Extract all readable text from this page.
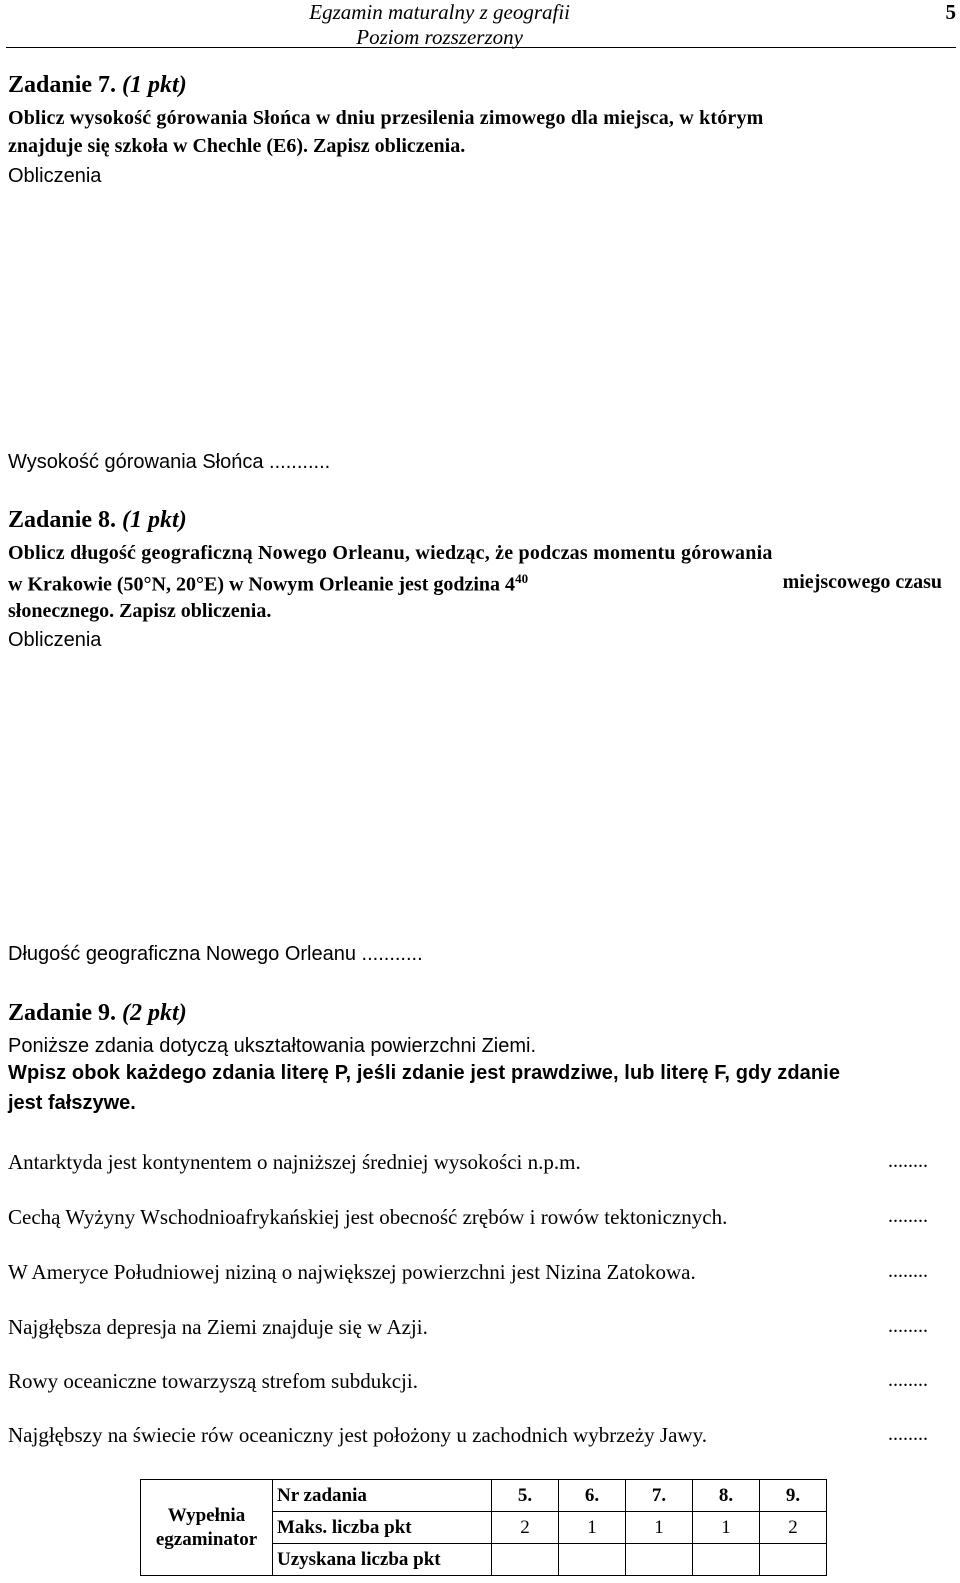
Egzamin maturalny z geografii
Poziom rozszerzony
5
Zadanie 7. (1 pkt)
Oblicz wysokość górowania Słońca w dniu przesilenia zimowego dla miejsca, w którym
znajduje się szkoła w Chechle (E6). Zapisz obliczenia.
Obliczenia
Wysokość górowania Słońca ...........
Zadanie 8. (1 pkt)
Oblicz długość geograficzną Nowego Orleanu, wiedząc, że podczas momentu górowania
w Krakowie (50°N, 20°E) w Nowym Orleanie jest godzina $4^{40}$	miejscowego czasu
słonecznego. Zapisz obliczenia.
Obliczenia
Długość geograficzna Nowego Orleanu ...........
Zadanie 9. (2 pkt)
Poniższe zdania dotyczą ukształtowania powierzchni Ziemi.
Wpisz obok każdego zdania literę P, jeśli zdanie jest prawdziwe, lub literę F, gdy zdanie
jest fałszywe.
Antarktyda jest kontynentem o najniższej średniej wysokości n.p.m.	........
Cechą Wyżyny Wschodnioafrykańskiej jest obecność zrębów i rowów tektonicznych.	........
W Ameryce Południowej niziną o największej powierzchni jest Nizina Zatokowa.	........
Najgłębsza depresja na Ziemi znajduje się w Azji.	........
Rowy oceaniczne towarzyszą strefom subdukcji.	........
Najgłębszy na świecie rów oceaniczny jest położony u zachodnich wybrzeży Jawy.	........
Wypełnia
egzaminator	Nr zadania	5.	6.	7.	8.	9.
	Maks. liczba pkt	2	1	1	1	2
	Uzyskana liczba pkt					
